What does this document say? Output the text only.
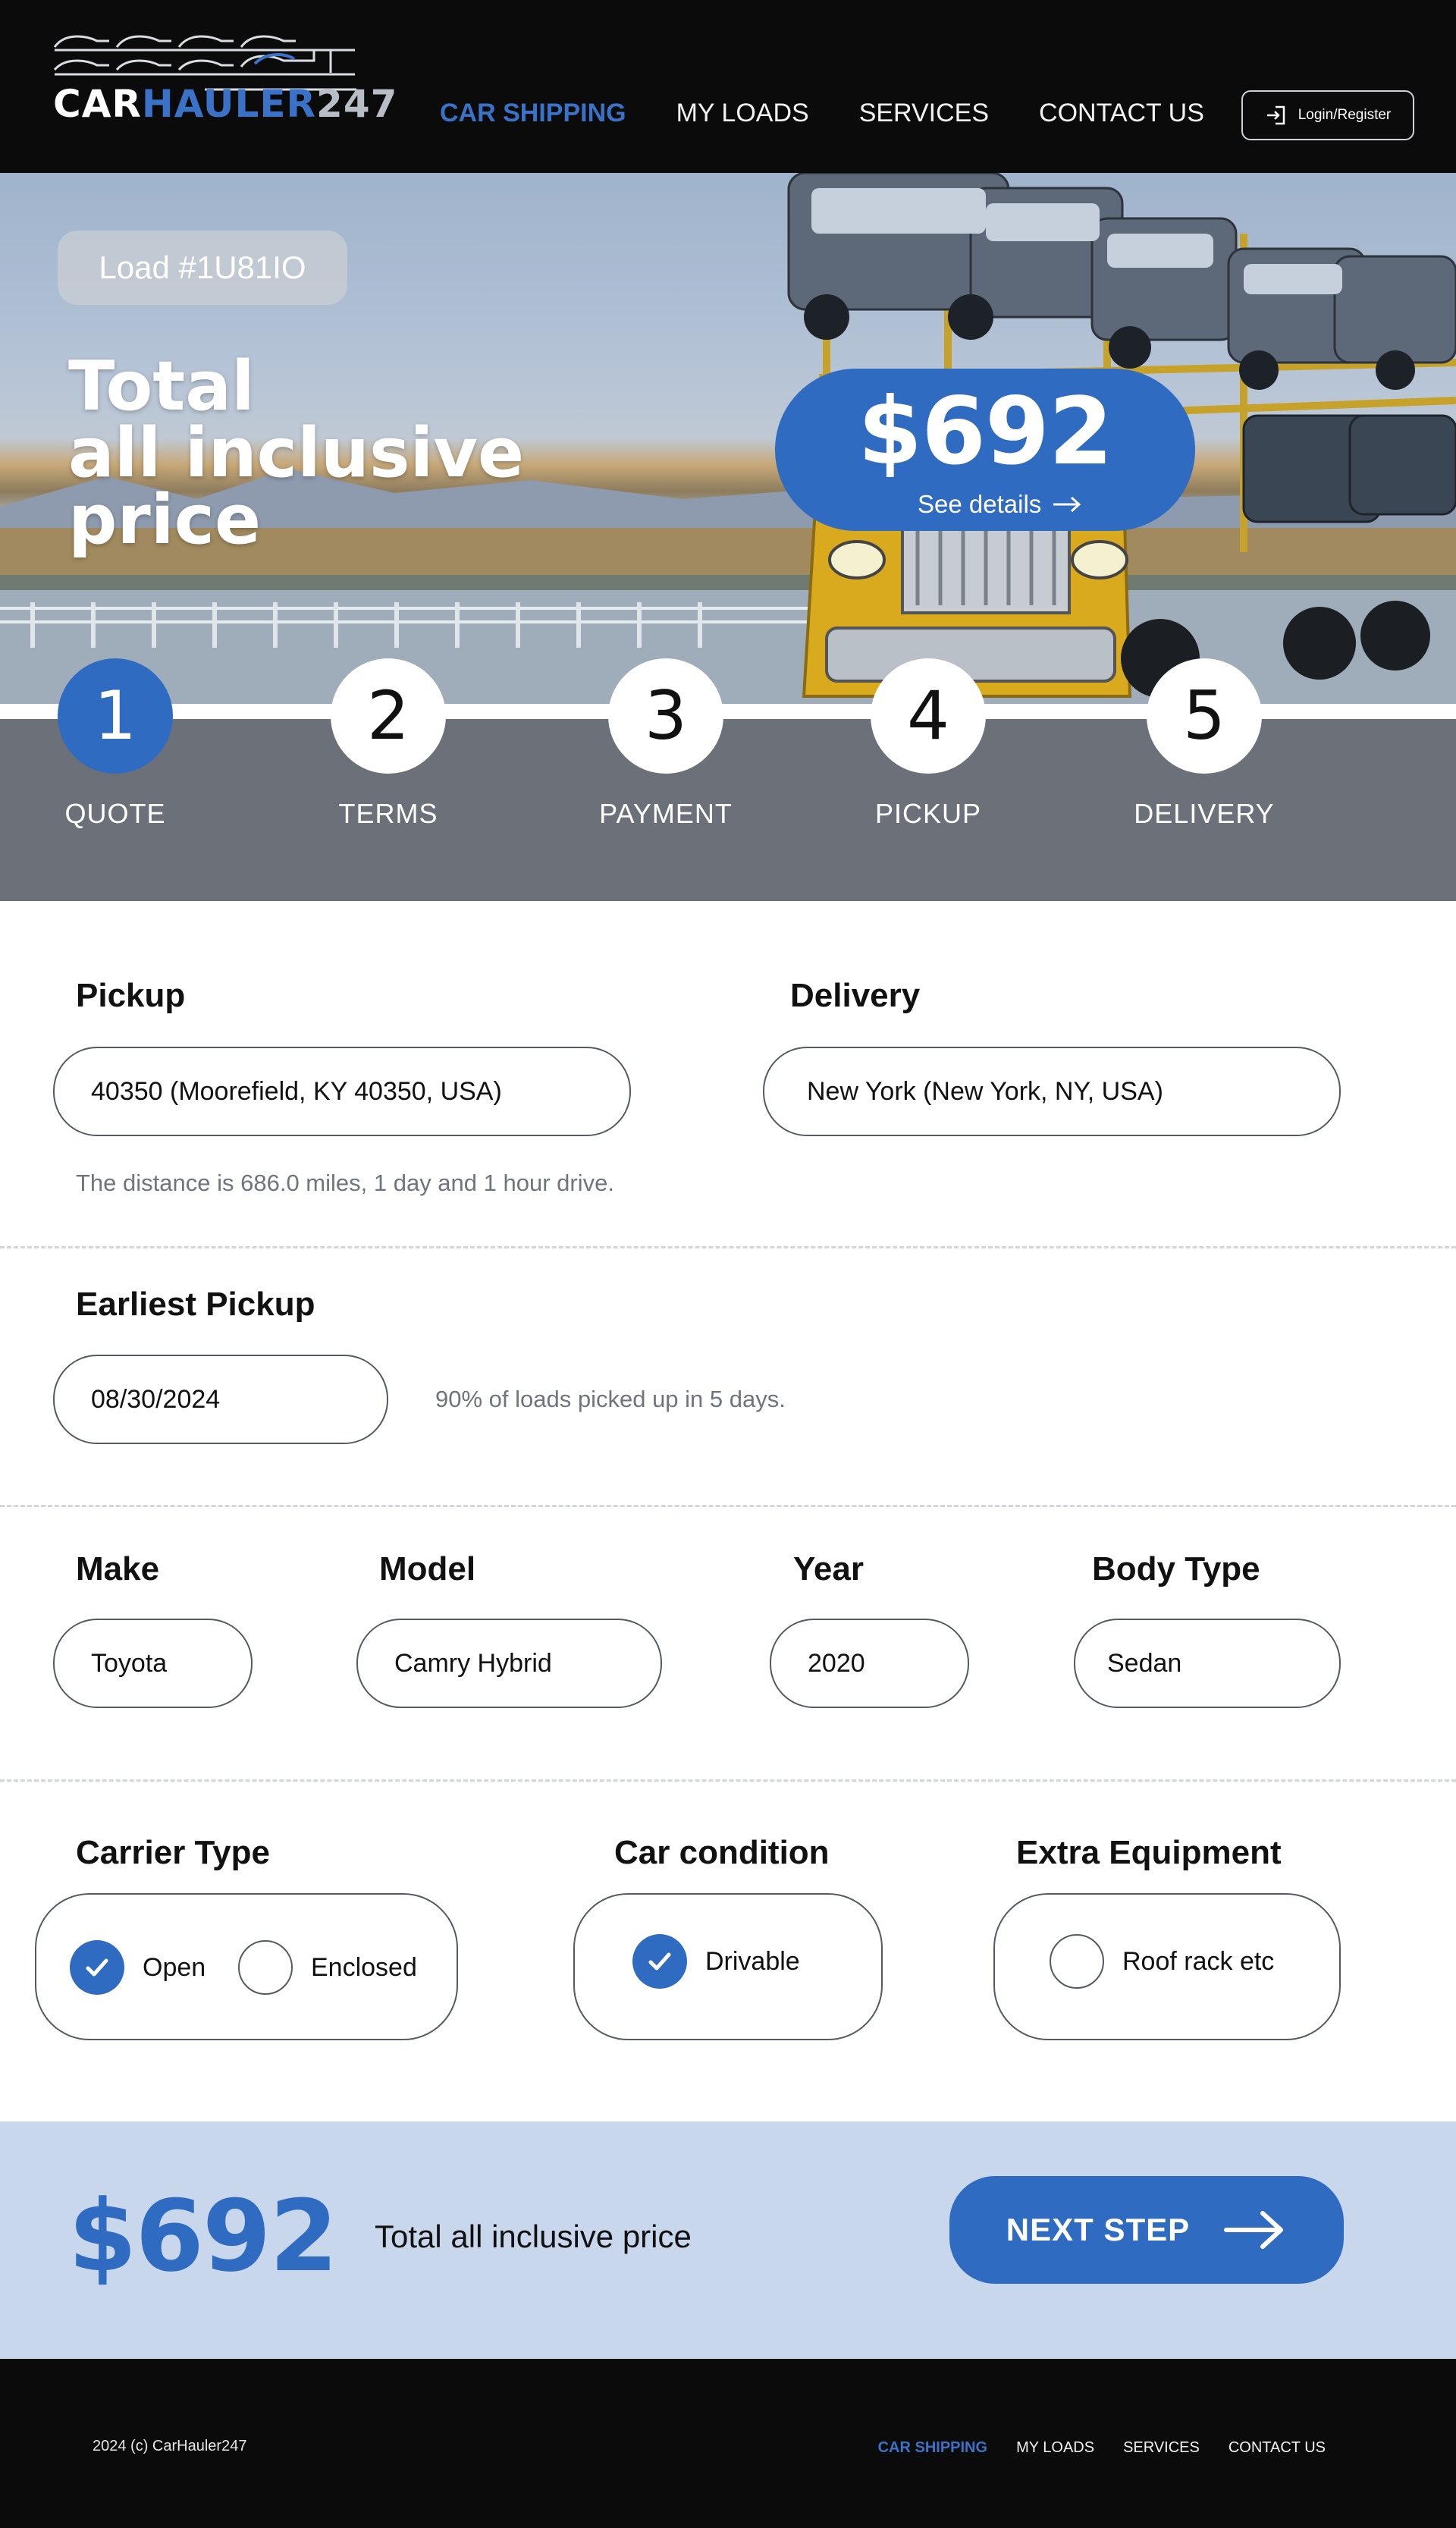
CARHAULER247 CAR SHIPPING MY LOADS SERVICES CONTACT US	Login/Register
Load #1U81IO
Total
all inclusive
price
$692
See details
1	2	3	4	5
QUOTE	TERMS	PAYMENT	PICKUP	DELIVERY
Pickup
40350 (Moorefield, KY 40350, USA)
Delivery
New York (New York, NY, USA)
The distance is 686.0 miles, 1 day and 1 hour drive.
Earliest Pickup
08/30/2024	90% of loads picked up in 5 days.
Make
Toyota
Model
Camry Hybrid
Year
2020
Body Type
Sedan
Carrier Type
Open	Enclosed
Car condition
Drivable
Extra Equipment
Roof rack etc
$692 Total all inclusive price	NEXT STEP
2024 (c) CarHauler247	CAR SHIPPING MY LOADS SERVICES CONTACT US
